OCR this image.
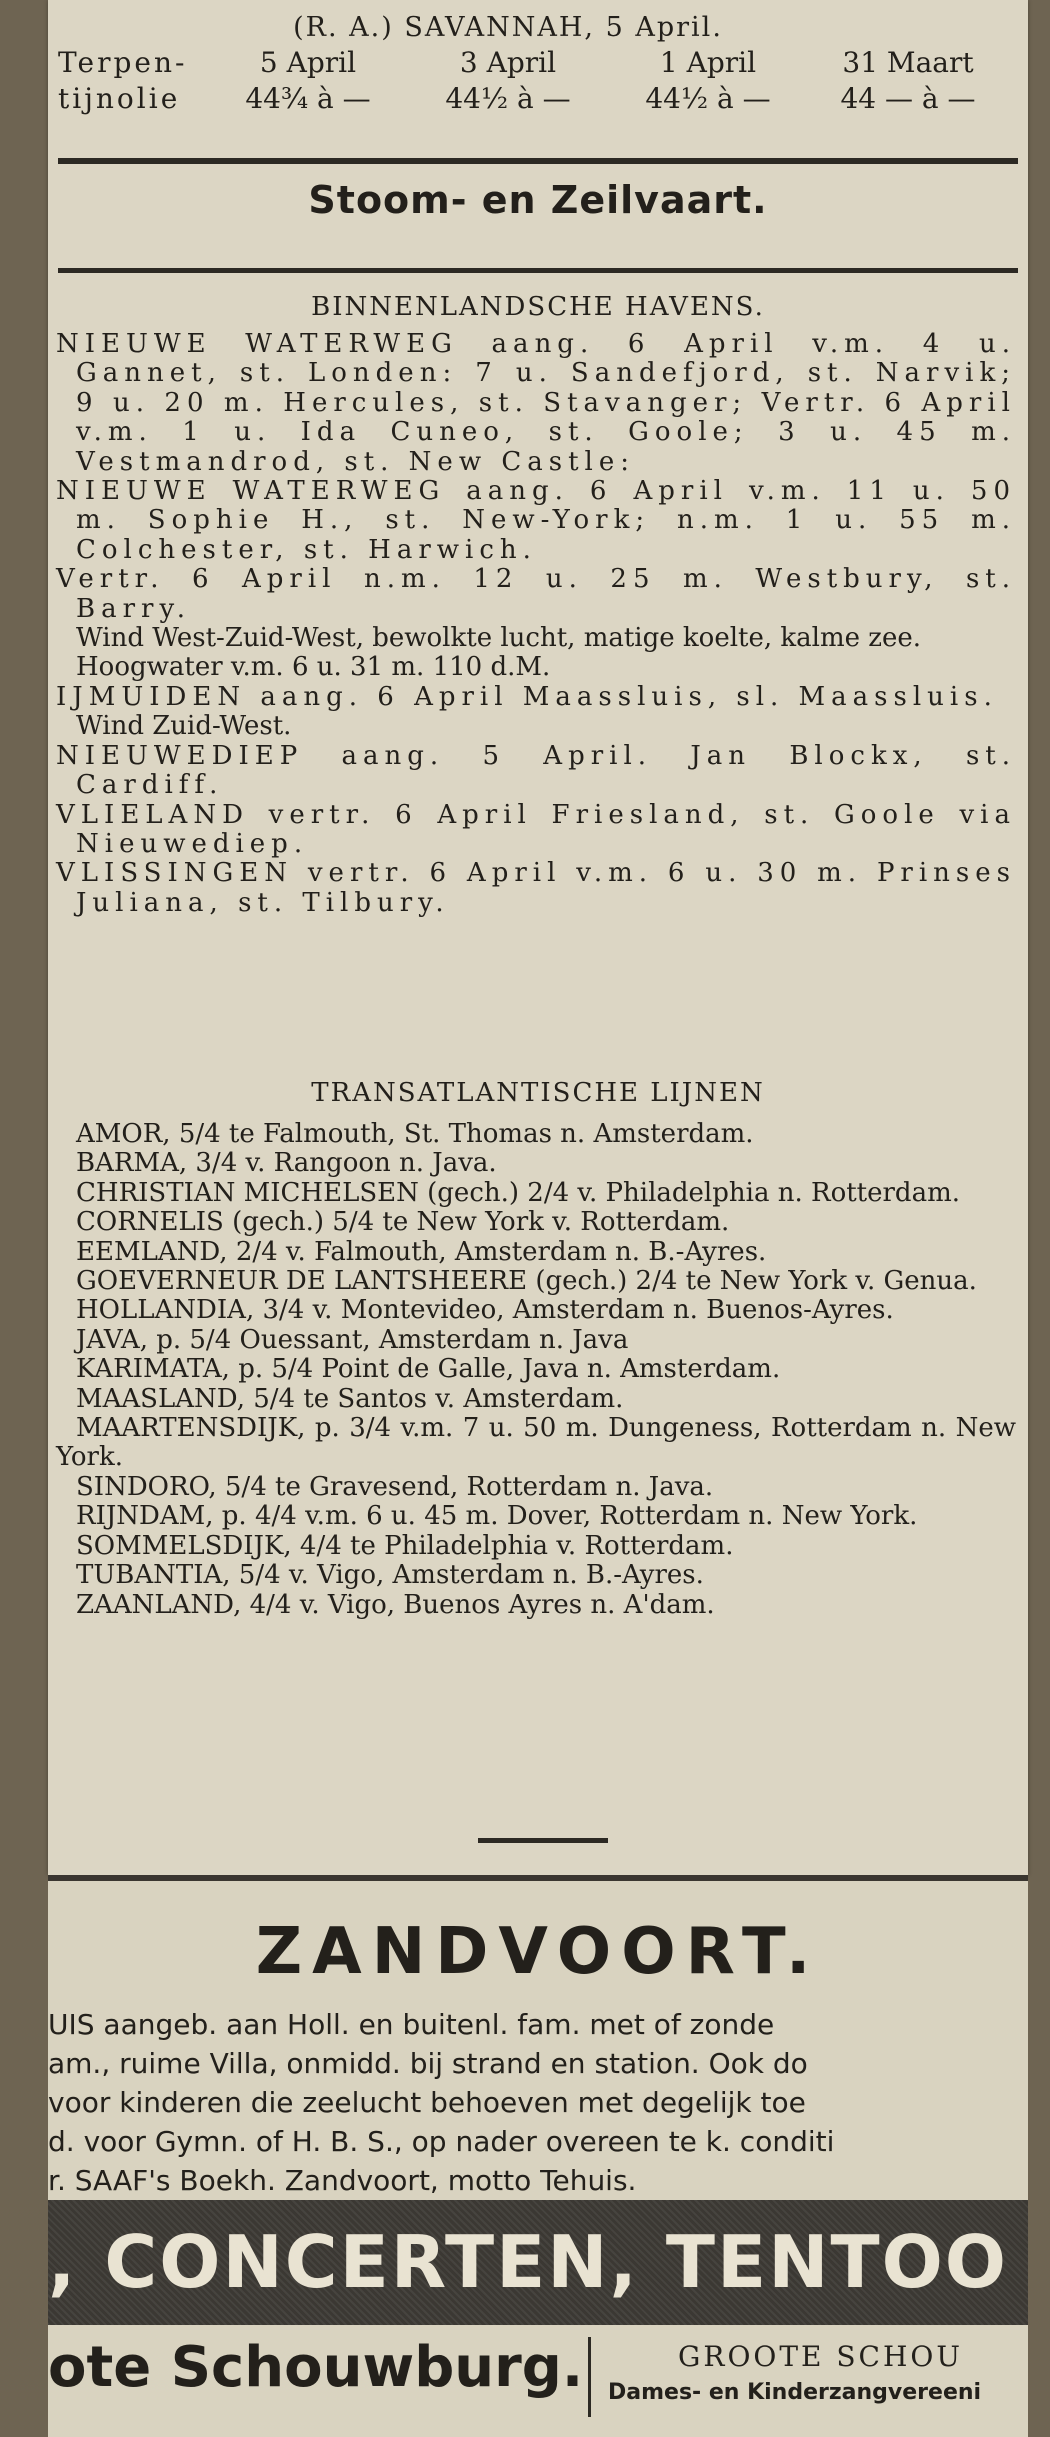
(R. A.) SAVANNAH, 5 April.
Terpen-	5 April	3 April	1 April	31 Maart
tijnolie	44¾ à —	44½ à —	44½ à —	44 — à —
Stoom- en Zeilvaart.
BINNENLANDSCHE HAVENS.

NIEUWE WATERWEG aang. 6 April v.m. 4 u. Gannet, st. Londen: 7 u. Sandefjord, st. Narvik; 9 u. 20 m. Hercules, st. Stavanger; Vertr. 6 April v.m. 1 u. Ida Cuneo, st. Goole; 3 u. 45 m. Vestmandrod, st. New Castle:

NIEUWE WATERWEG aang. 6 April v.m. 11 u. 50 m. Sophie H., st. New-York; n.m. 1 u. 55 m. Colchester, st. Harwich.

Vertr. 6 April n.m. 12 u. 25 m. Westbury, st. Barry.

Wind West-Zuid-West, bewolkte lucht, matige koelte, kalme zee.

Hoogwater v.m. 6 u. 31 m. 110 d.M.

IJMUIDEN aang. 6 April Maassluis, sl. Maassluis.

Wind Zuid-West.

NIEUWEDIEP aang. 5 April. Jan Blockx, st. Cardiff.

VLIELAND vertr. 6 April Friesland, st. Goole via Nieuwediep.

VLISSINGEN vertr. 6 April v.m. 6 u. 30 m. Prinses Juliana, st. Tilbury.

TRANSATLANTISCHE LIJNEN

AMOR, 5/4 te Falmouth, St. Thomas n. Amsterdam.

BARMA, 3/4 v. Rangoon n. Java.

CHRISTIAN MICHELSEN (gech.) 2/4 v. Philadelphia n. Rotterdam.

CORNELIS (gech.) 5/4 te New York v. Rotterdam.

EEMLAND, 2/4 v. Falmouth, Amsterdam n. B.-Ayres.

GOEVERNEUR DE LANTSHEERE (gech.) 2/4 te New York v. Genua.

HOLLANDIA, 3/4 v. Montevideo, Amsterdam n. Buenos-Ayres.

JAVA, p. 5/4 Ouessant, Amsterdam n. Java

KARIMATA, p. 5/4 Point de Galle, Java n. Amsterdam.

MAASLAND, 5/4 te Santos v. Amsterdam.

MAARTENSDIJK, p. 3/4 v.m. 7 u. 50 m. Dungeness, Rotterdam n. New York.

SINDORO, 5/4 te Gravesend, Rotterdam n. Java.

RIJNDAM, p. 4/4 v.m. 6 u. 45 m. Dover, Rotterdam n. New York.

SOMMELSDIJK, 4/4 te Philadelphia v. Rotterdam.

TUBANTIA, 5/4 v. Vigo, Amsterdam n. B.-Ayres.

ZAANLAND, 4/4 v. Vigo, Buenos Ayres n. A'dam.

ZANDVOORT.
UIS aangeb. aan Holl. en buitenl. fam. met of zonde
am., ruime Villa, onmidd. bij strand en station. Ook do
voor kinderen die zeelucht behoeven met degelijk toe
d. voor Gymn. of H. B. S., op nader overeen te k. conditi
r. SAAF's Boekh. Zandvoort, motto Tehuis.
, CONCERTEN, TENTOO
ote Schouwburg.	GROOTE SCHOU
Dames- en Kinderzangvereeni
